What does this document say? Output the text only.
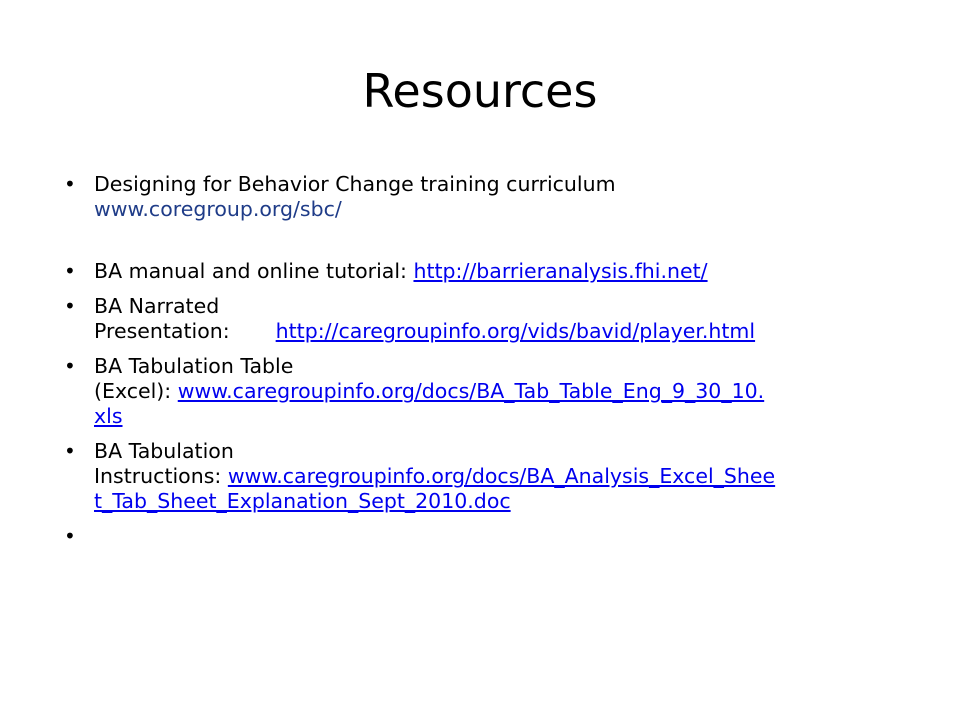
Resources
• Designing for Behavior Change training curriculum
www.coregroup.org/sbc/
• BA manual and online tutorial: http://barrieranalysis.fhi.net/
• BA Narrated
Presentation: http://caregroupinfo.org/vids/bavid/player.html
• BA Tabulation Table
(Excel): www.caregroupinfo.org/docs/BA_Tab_Table_Eng_9_30_10.
xls
• BA Tabulation
Instructions: www.caregroupinfo.org/docs/BA_Analysis_Excel_Shee
t_Tab_Sheet_Explanation_Sept_2010.doc
•
